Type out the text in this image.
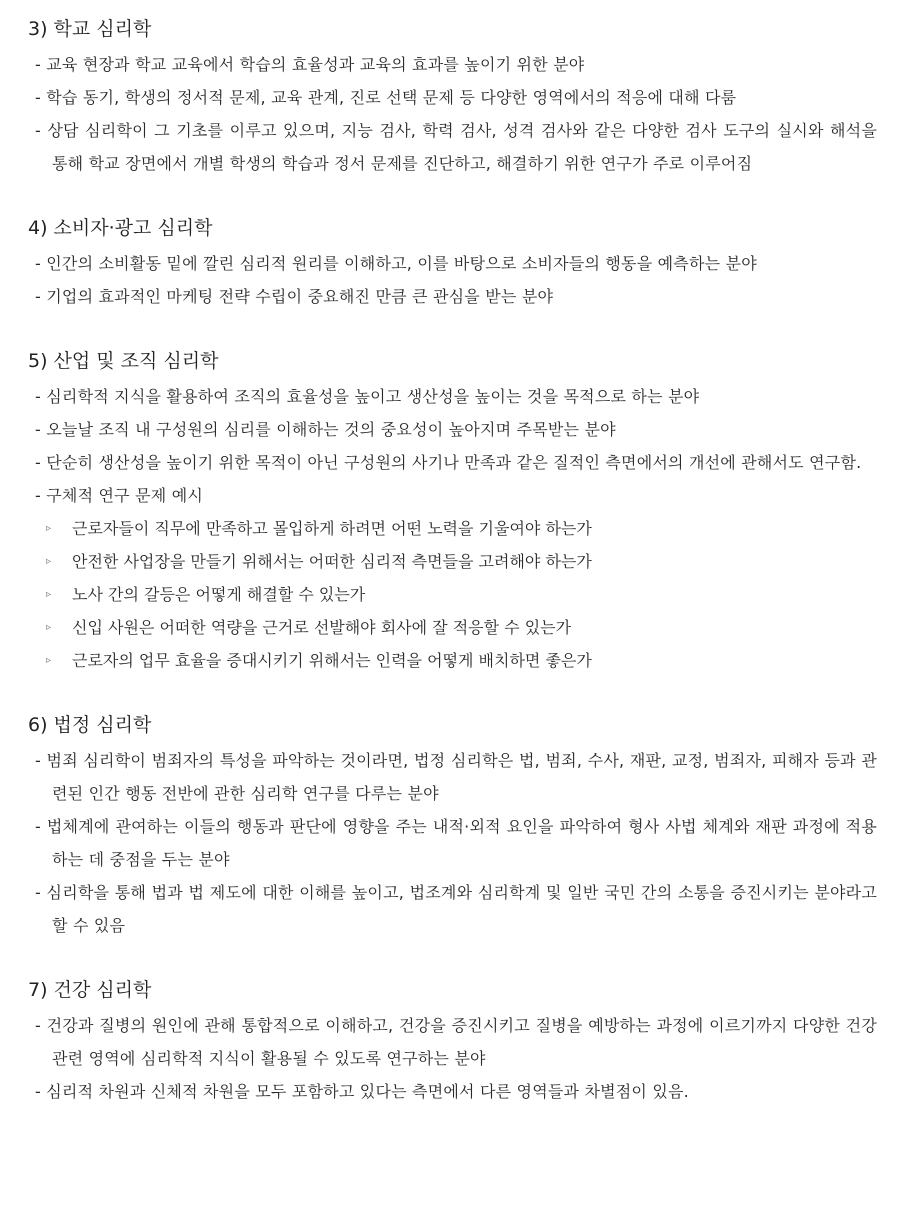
3) 학교 심리학
- 교육 현장과 학교 교육에서 학습의 효율성과 교육의 효과를 높이기 위한 분야
- 학습 동기, 학생의 정서적 문제, 교육 관계, 진로 선택 문제 등 다양한 영역에서의 적응에 대해 다룸
- 상담 심리학이 그 기초를 이루고 있으며, 지능 검사, 학력 검사, 성격 검사와 같은 다양한 검사 도구의 실시와 해석을 통해 학교 장면에서 개별 학생의 학습과 정서 문제를 진단하고, 해결하기 위한 연구가 주로 이루어짐
4) 소비자·광고 심리학
- 인간의 소비활동 밑에 깔린 심리적 원리를 이해하고, 이를 바탕으로 소비자들의 행동을 예측하는 분야
- 기업의 효과적인 마케팅 전략 수립이 중요해진 만큼 큰 관심을 받는 분야
5) 산업 및 조직 심리학
- 심리학적 지식을 활용하여 조직의 효율성을 높이고 생산성을 높이는 것을 목적으로 하는 분야
- 오늘날 조직 내 구성원의 심리를 이해하는 것의 중요성이 높아지며 주목받는 분야
- 단순히 생산성을 높이기 위한 목적이 아닌 구성원의 사기나 만족과 같은 질적인 측면에서의 개선에 관해서도 연구함.
- 구체적 연구 문제 예시
▹ 근로자들이 직무에 만족하고 몰입하게 하려면 어떤 노력을 기울여야 하는가
▹ 안전한 사업장을 만들기 위해서는 어떠한 심리적 측면들을 고려해야 하는가
▹ 노사 간의 갈등은 어떻게 해결할 수 있는가
▹ 신입 사원은 어떠한 역량을 근거로 선발해야 회사에 잘 적응할 수 있는가
▹ 근로자의 업무 효율을 증대시키기 위해서는 인력을 어떻게 배치하면 좋은가
6) 법정 심리학
- 범죄 심리학이 범죄자의 특성을 파악하는 것이라면, 법정 심리학은 법, 범죄, 수사, 재판, 교정, 범죄자, 피해자 등과 관련된 인간 행동 전반에 관한 심리학 연구를 다루는 분야
- 법체계에 관여하는 이들의 행동과 판단에 영향을 주는 내적·외적 요인을 파악하여 형사 사법 체계와 재판 과정에 적용하는 데 중점을 두는 분야
- 심리학을 통해 법과 법 제도에 대한 이해를 높이고, 법조계와 심리학계 및 일반 국민 간의 소통을 증진시키는 분야라고 할 수 있음
7) 건강 심리학
- 건강과 질병의 원인에 관해 통합적으로 이해하고, 건강을 증진시키고 질병을 예방하는 과정에 이르기까지 다양한 건강 관련 영역에 심리학적 지식이 활용될 수 있도록 연구하는 분야
- 심리적 차원과 신체적 차원을 모두 포함하고 있다는 측면에서 다른 영역들과 차별점이 있음.
